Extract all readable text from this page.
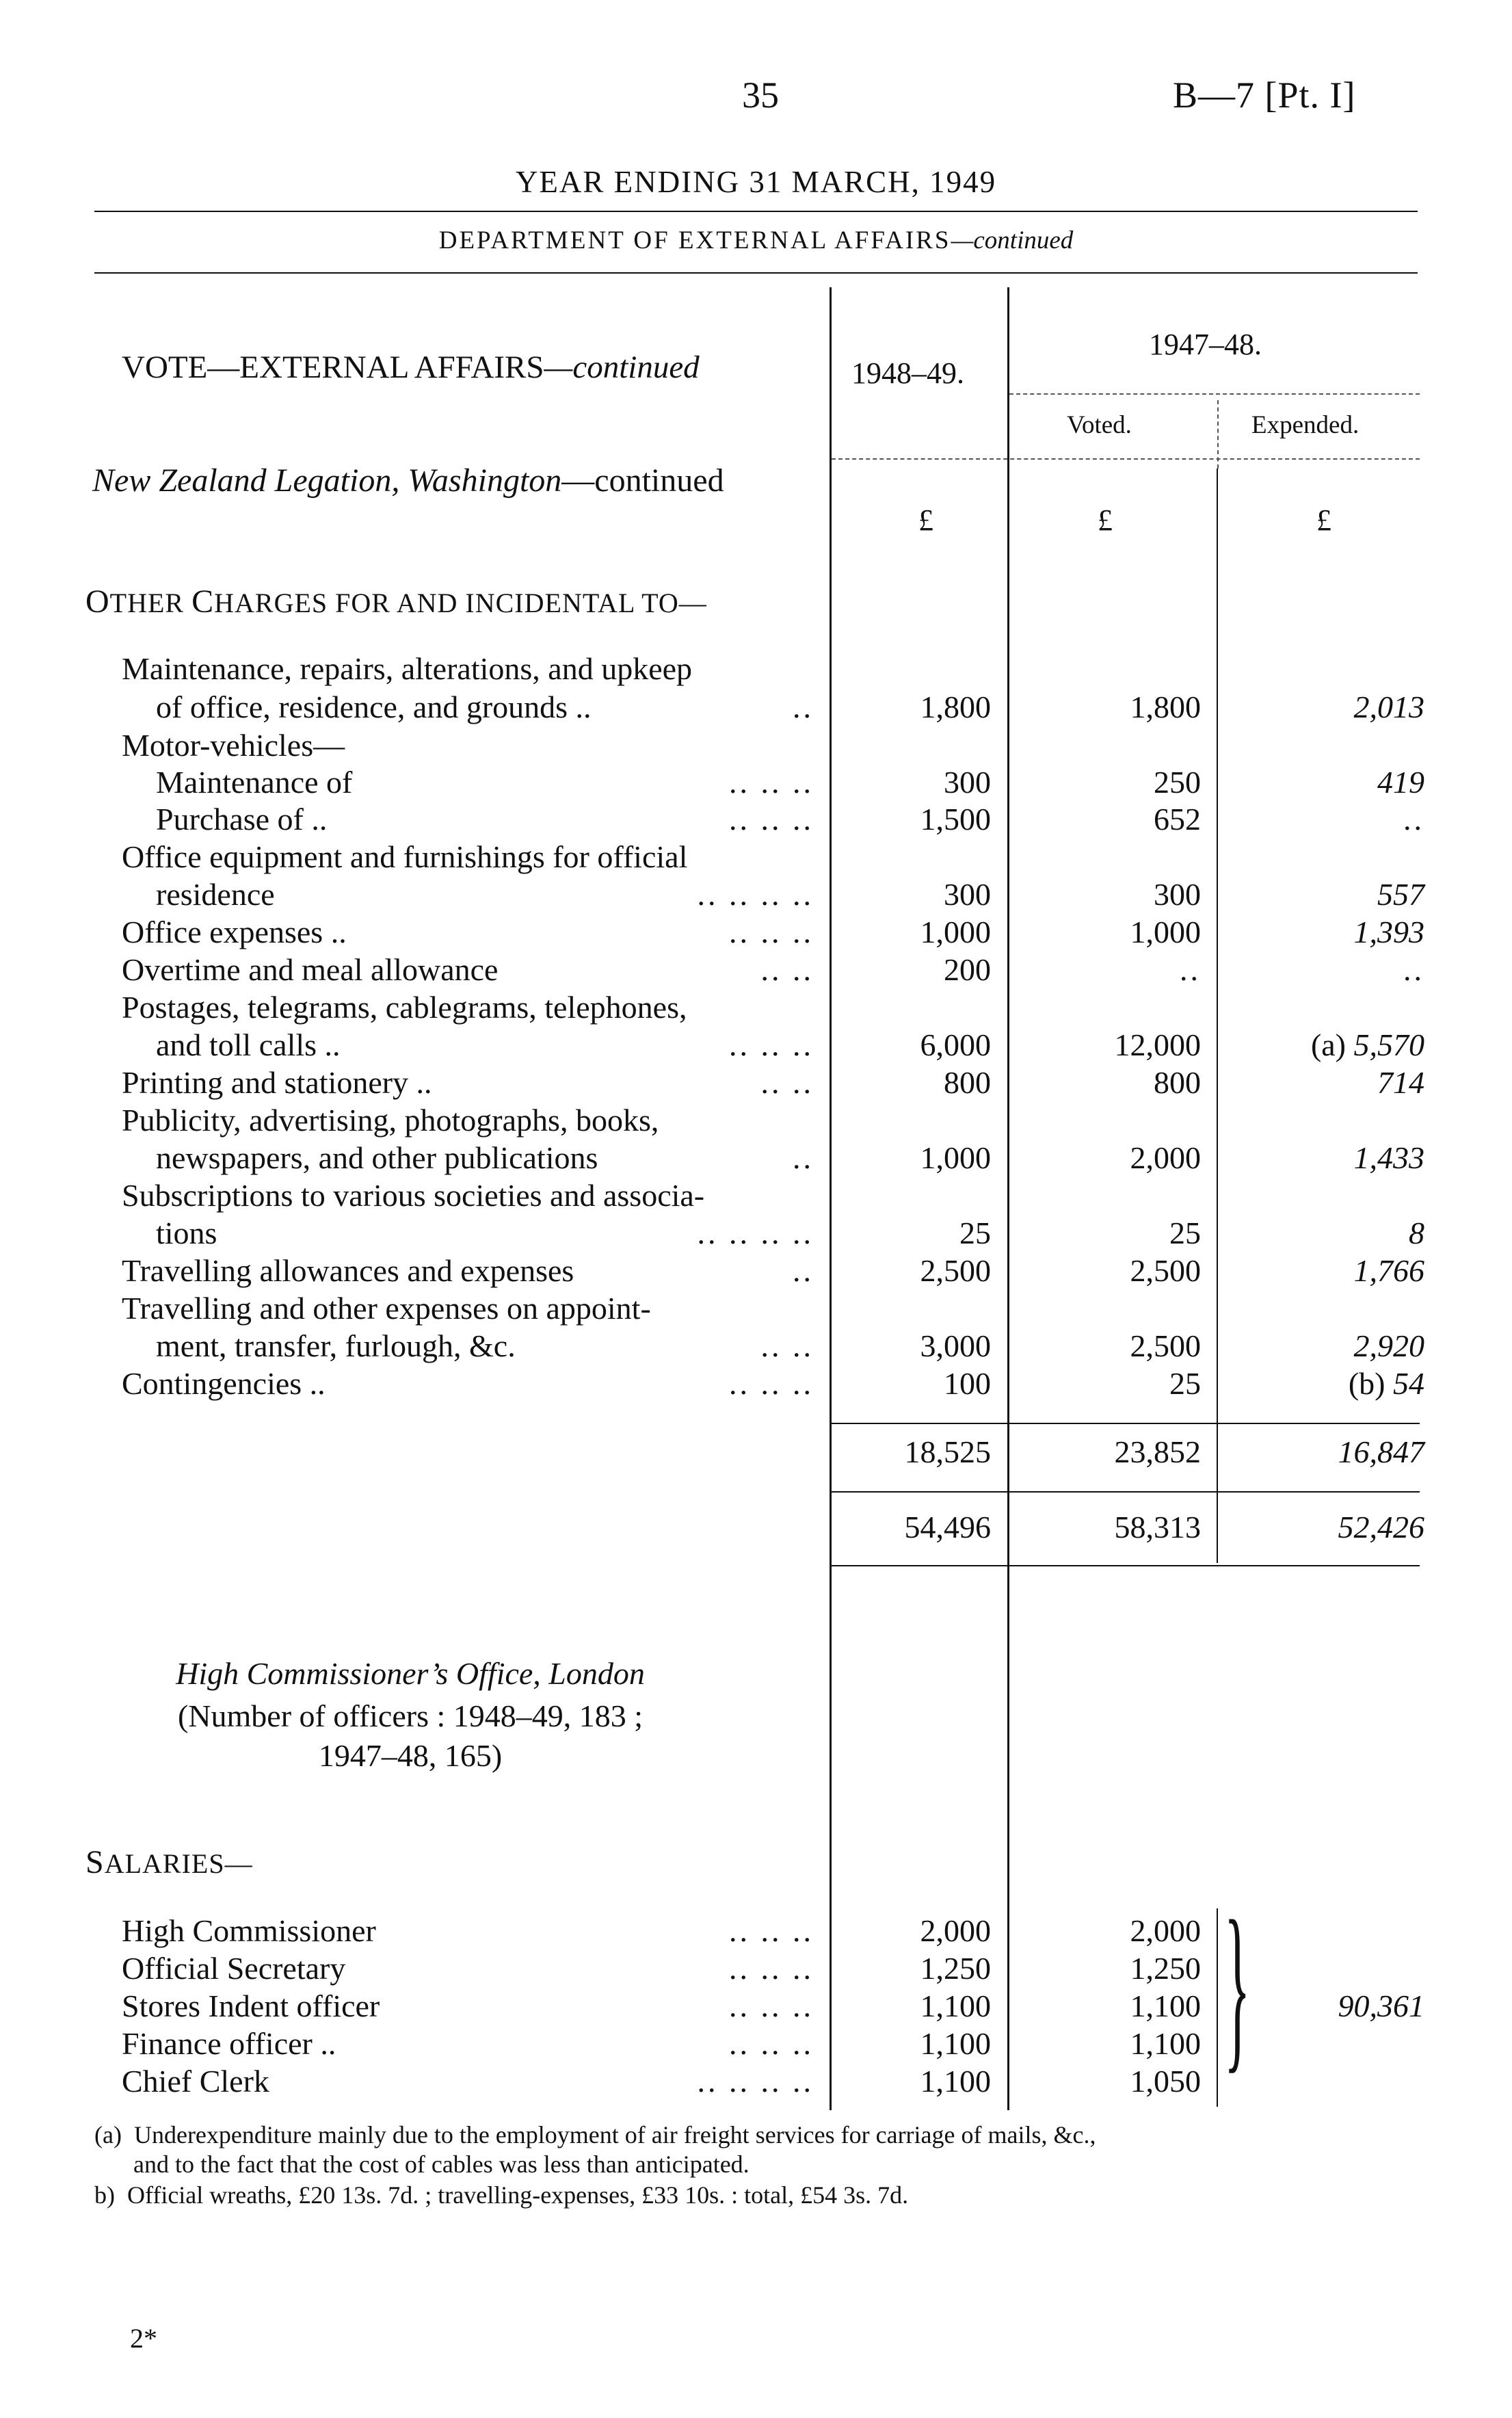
35	B—7 [Pt. I]
YEAR ENDING 31 MARCH, 1949
DEPARTMENT OF EXTERNAL AFFAIRS—continued
VOTE—EXTERNAL AFFAIRS—continued	1948–49.
1947–48.
Voted.	Expended.
New Zealand Legation, Washington—continued
£	£	£
OTHER CHARGES FOR AND INCIDENTAL TO—
Maintenance, repairs, alterations, and upkeep
of office, residence, and grounds ..	..	1,800	1,800	2,013
Motor-vehicles—
Maintenance of	.. .. ..	300	250	419
Purchase of ..	.. .. ..	1,500	652	..
Office equipment and furnishings for official
residence	.. .. .. ..	300	300	557
Office expenses ..	.. .. ..	1,000	1,000	1,393
Overtime and meal allowance	.. ..	200	..	..
Postages, telegrams, cablegrams, telephones,
and toll calls ..	.. .. ..	6,000	12,000	(a) 5,570
Printing and stationery ..	.. ..	800	800	714
Publicity, advertising, photographs, books,
newspapers, and other publications	..	1,000	2,000	1,433
Subscriptions to various societies and associa-
tions	.. .. .. ..	25	25	8
Travelling allowances and expenses	..	2,500	2,500	1,766
Travelling and other expenses on appoint-
ment, transfer, furlough, &c.	.. ..	3,000	2,500	2,920
Contingencies ..	.. .. ..	100	25	(b) 54
18,525	23,852	16,847
54,496	58,313	52,426
High Commissioner’s Office, London
(Number of officers : 1948–49, 183 ;
1947–48, 165)
SALARIES—
High Commissioner	.. .. ..	2,000	2,000
Official Secretary	.. .. ..	1,250	1,250
Stores Indent officer	.. .. ..	1,100	1,100
Finance officer ..	.. .. ..	1,100	1,100
Chief Clerk	.. .. .. ..	1,100	1,050 }	90,361
(a) Underexpenditure mainly due to the employment of air freight services for carriage of mails, &c.,
and to the fact that the cost of cables was less than anticipated.
b) Official wreaths, £20 13s. 7d. ; travelling-expenses, £33 10s. : total, £54 3s. 7d.
2*
